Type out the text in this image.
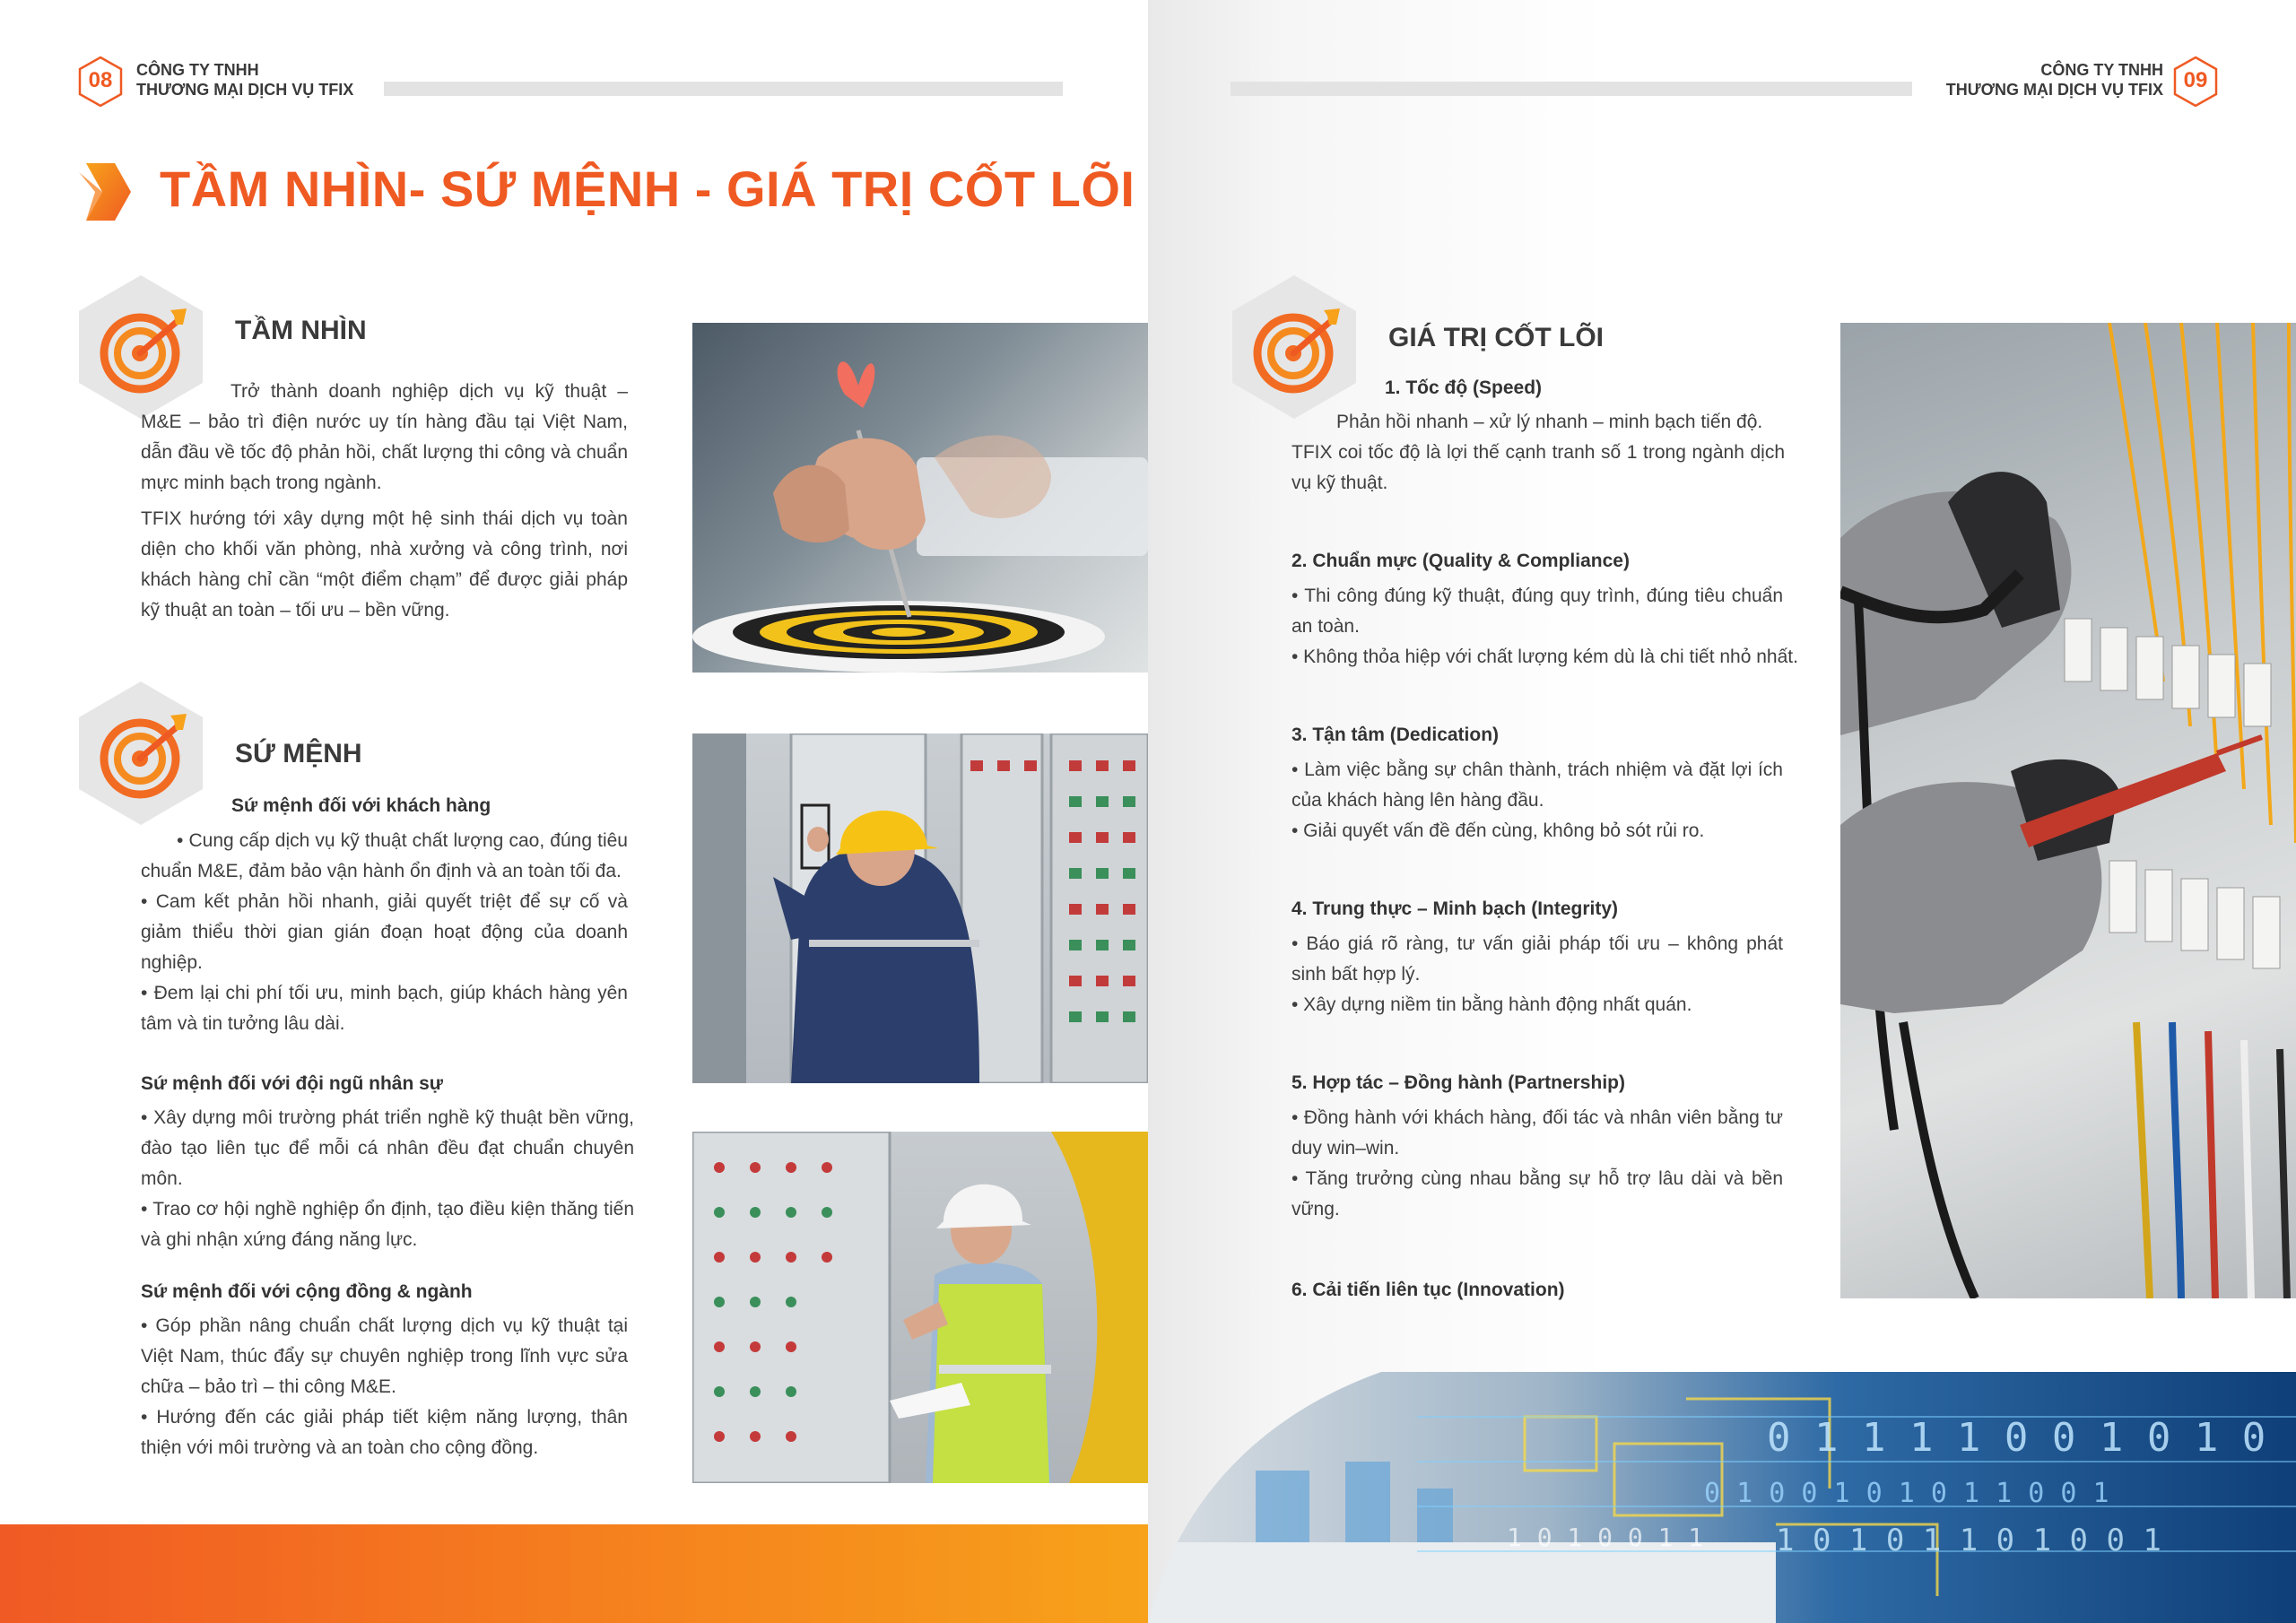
08	CÔNG TY TNHH
THƯƠNG MẠI DỊCH VỤ TFIX
TẦM NHÌN- SỨ MỆNH - GIÁ TRỊ CỐT LÕI
TẦM NHÌN

Trở thành doanh nghiệp dịch vụ kỹ thuật – M&E – bảo trì điện nước uy tín hàng đầu tại Việt Nam, dẫn đầu về tốc độ phản hồi, chất lượng thi công và chuẩn mực minh bạch trong ngành.

TFIX hướng tới xây dựng một hệ sinh thái dịch vụ toàn diện cho khối văn phòng, nhà xưởng và công trình, nơi khách hàng chỉ cần “một điểm chạm” để được giải pháp kỹ thuật an toàn – tối ưu – bền vững.

SỨ MỆNH
Sứ mệnh đối với khách hàng

• Cung cấp dịch vụ kỹ thuật chất lượng cao, đúng tiêu chuẩn M&E, đảm bảo vận hành ổn định và an toàn tối đa.

• Cam kết phản hồi nhanh, giải quyết triệt để sự cố và giảm thiểu thời gian gián đoạn hoạt động của doanh nghiệp.

• Đem lại chi phí tối ưu, minh bạch, giúp khách hàng yên tâm và tin tưởng lâu dài.

Sứ mệnh đối với đội ngũ nhân sự

• Xây dựng môi trường phát triển nghề kỹ thuật bền vững, đào tạo liên tục để mỗi cá nhân đều đạt chuẩn chuyên môn.

• Trao cơ hội nghề nghiệp ổn định, tạo điều kiện thăng tiến và ghi nhận xứng đáng năng lực.

Sứ mệnh đối với cộng đồng & ngành

• Góp phần nâng chuẩn chất lượng dịch vụ kỹ thuật tại Việt Nam, thúc đẩy sự chuyên nghiệp trong lĩnh vực sửa chữa – bảo trì – thi công M&E.

• Hướng đến các giải pháp tiết kiệm năng lượng, thân thiện với môi trường và an toàn cho cộng đồng.

CÔNG TY TNHH
THƯƠNG MẠI DỊCH VỤ TFIX 09
GIÁ TRỊ CỐT LÕI
1. Tốc độ (Speed)

Phản hồi nhanh – xử lý nhanh – minh bạch tiến độ.

TFIX coi tốc độ là lợi thế cạnh tranh số 1 trong ngành dịch vụ kỹ thuật.

2. Chuẩn mực (Quality & Compliance)

• Thi công đúng kỹ thuật, đúng quy trình, đúng tiêu chuẩn an toàn.

• Không thỏa hiệp với chất lượng kém dù là chi tiết nhỏ nhất.

3. Tận tâm (Dedication)

• Làm việc bằng sự chân thành, trách nhiệm và đặt lợi ích của khách hàng lên hàng đầu.

• Giải quyết vấn đề đến cùng, không bỏ sót rủi ro.

4. Trung thực – Minh bạch (Integrity)

• Báo giá rõ ràng, tư vấn giải pháp tối ưu – không phát sinh bất hợp lý.

• Xây dựng niềm tin bằng hành động nhất quán.

5. Hợp tác – Đồng hành (Partnership)

• Đồng hành với khách hàng, đối tác và nhân viên bằng tư duy win–win.

• Tăng trưởng cùng nhau bằng sự hỗ trợ lâu dài và bền vững.

6. Cải tiến liên tục (Innovation)
0 1 1 1 1 0 0 1 0 1 0
0 1 0 0 1 0 1 0 1 1 0 0 1
1 0 1 0 1 1 0 1 0 0 1
1 0 1 0 0 1 1
